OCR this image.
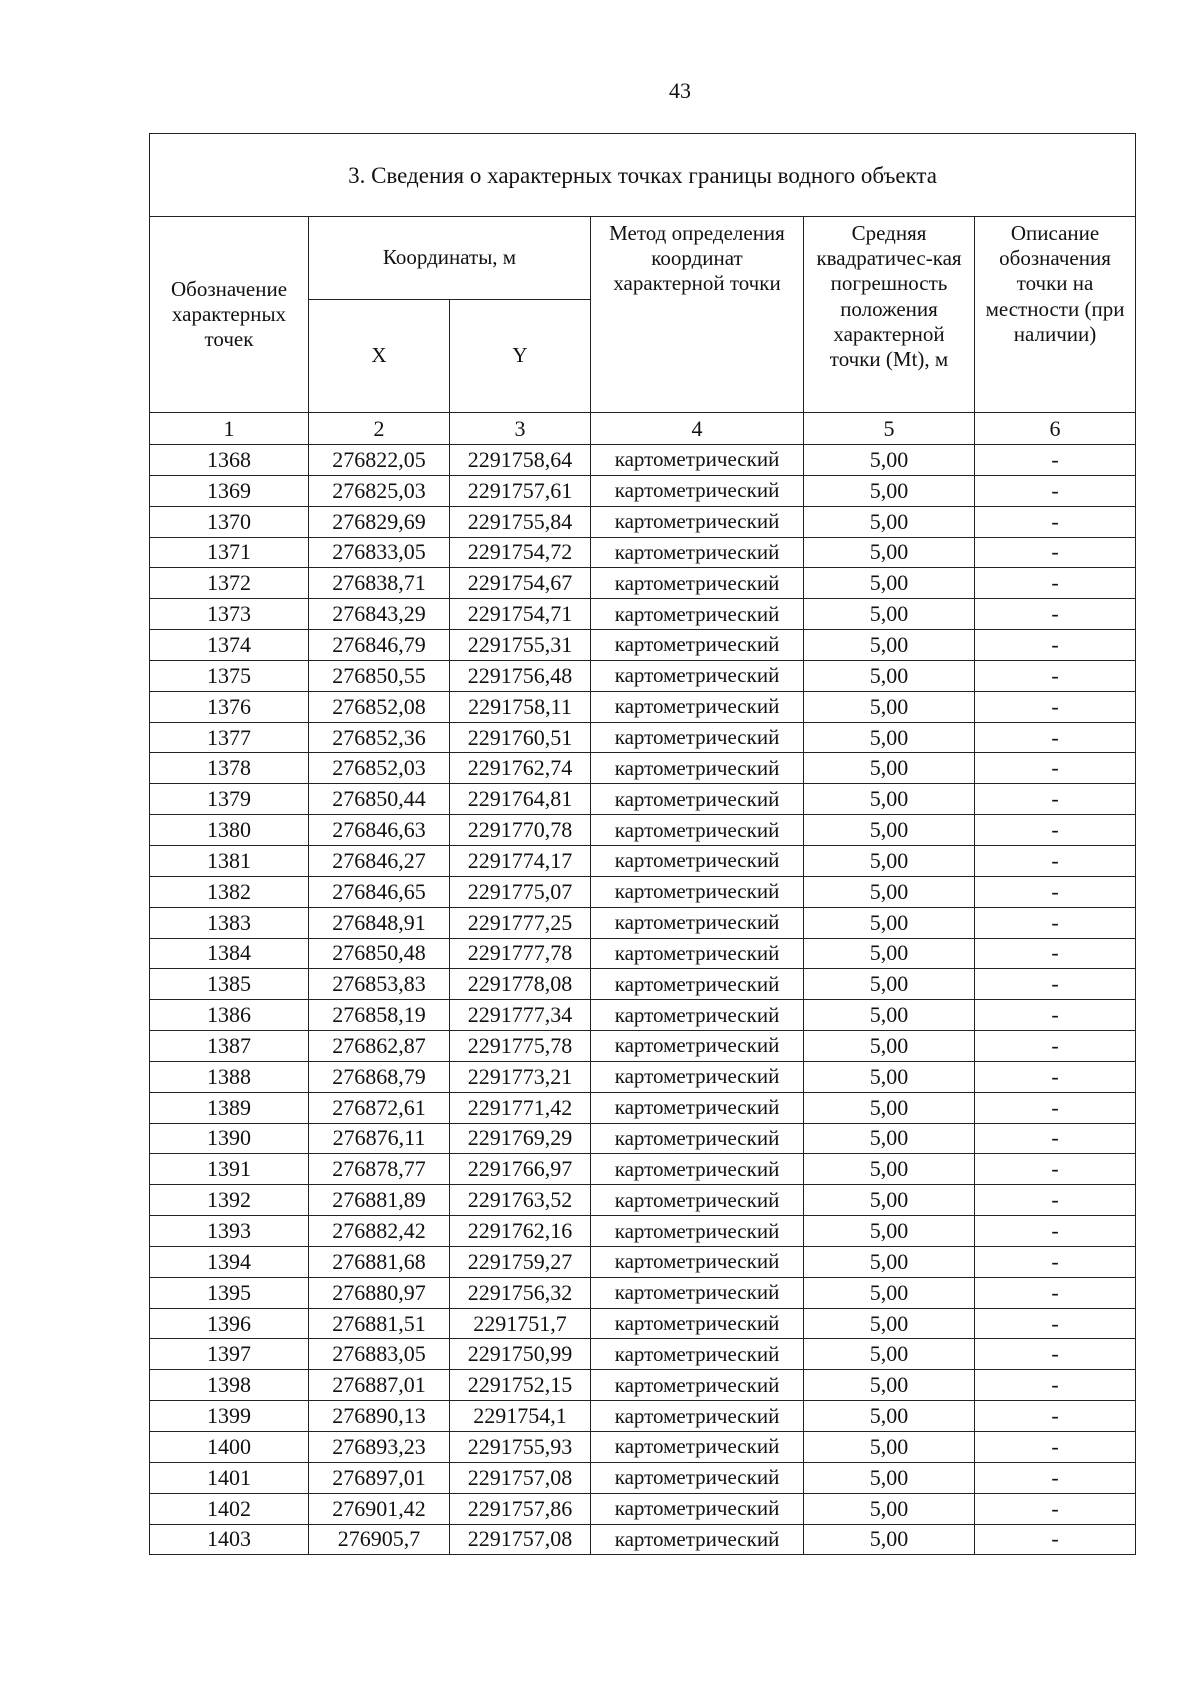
43
3. Сведения о характерных точках границы водного объекта					
Обозначение характерных точек	Координаты, м		Метод определения координат характерной точки	Средняя квадратичес-кая погрешность положения характерной точки (Mt), м	Описание обозначения точки на местности (при наличии)
	X	Y			
1	2	3	4	5	6
1368	276822,05	2291758,64	картометрический	5,00	-
1369	276825,03	2291757,61	картометрический	5,00	-
1370	276829,69	2291755,84	картометрический	5,00	-
1371	276833,05	2291754,72	картометрический	5,00	-
1372	276838,71	2291754,67	картометрический	5,00	-
1373	276843,29	2291754,71	картометрический	5,00	-
1374	276846,79	2291755,31	картометрический	5,00	-
1375	276850,55	2291756,48	картометрический	5,00	-
1376	276852,08	2291758,11	картометрический	5,00	-
1377	276852,36	2291760,51	картометрический	5,00	-
1378	276852,03	2291762,74	картометрический	5,00	-
1379	276850,44	2291764,81	картометрический	5,00	-
1380	276846,63	2291770,78	картометрический	5,00	-
1381	276846,27	2291774,17	картометрический	5,00	-
1382	276846,65	2291775,07	картометрический	5,00	-
1383	276848,91	2291777,25	картометрический	5,00	-
1384	276850,48	2291777,78	картометрический	5,00	-
1385	276853,83	2291778,08	картометрический	5,00	-
1386	276858,19	2291777,34	картометрический	5,00	-
1387	276862,87	2291775,78	картометрический	5,00	-
1388	276868,79	2291773,21	картометрический	5,00	-
1389	276872,61	2291771,42	картометрический	5,00	-
1390	276876,11	2291769,29	картометрический	5,00	-
1391	276878,77	2291766,97	картометрический	5,00	-
1392	276881,89	2291763,52	картометрический	5,00	-
1393	276882,42	2291762,16	картометрический	5,00	-
1394	276881,68	2291759,27	картометрический	5,00	-
1395	276880,97	2291756,32	картометрический	5,00	-
1396	276881,51	2291751,7	картометрический	5,00	-
1397	276883,05	2291750,99	картометрический	5,00	-
1398	276887,01	2291752,15	картометрический	5,00	-
1399	276890,13	2291754,1	картометрический	5,00	-
1400	276893,23	2291755,93	картометрический	5,00	-
1401	276897,01	2291757,08	картометрический	5,00	-
1402	276901,42	2291757,86	картометрический	5,00	-
1403	276905,7	2291757,08	картометрический	5,00	-
